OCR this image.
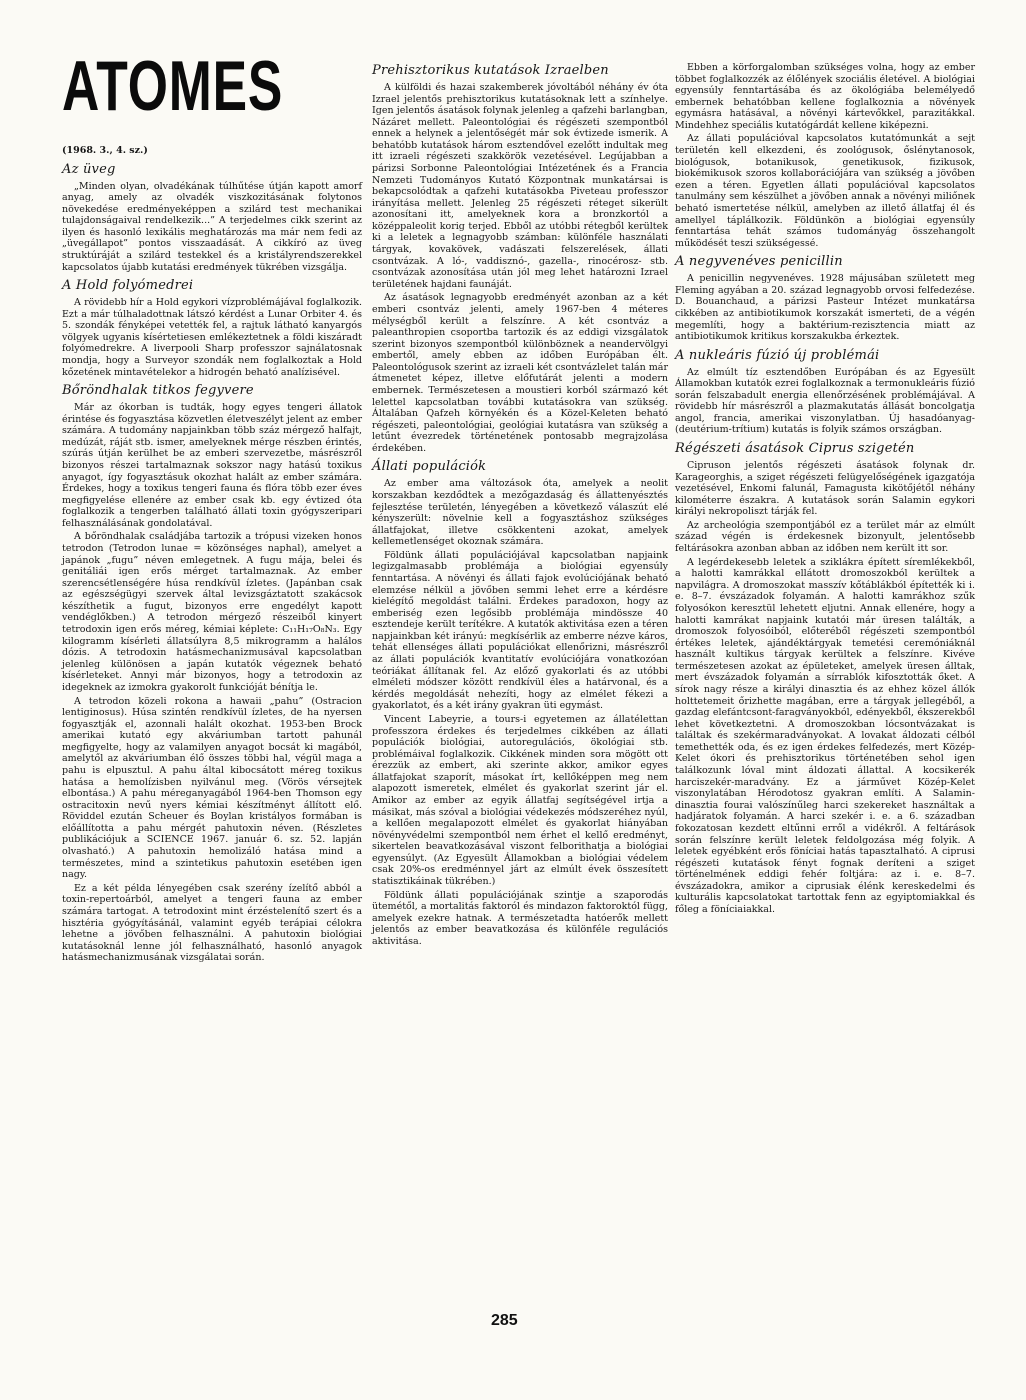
ATOMES
(1968. 3., 4. sz.)
Az üveg

„Minden olyan, olvadékának túlhűtése útján kapott amorf anyag, amely az olvadék viszkozitásának folytonos növekedése eredményeképpen a szilárd test mechanikai tulajdonságaival rendelkezik...” A terjedelmes cikk szerint az ilyen és hasonló lexikális meghatározás ma már nem fedi az „üvegállapot” pontos visszaadását. A cikkíró az üveg struktúráját a szilárd testekkel és a kristályrendszerekkel kapcsolatos újabb kutatási eredmények tükrében vizsgálja.

A Hold folyómedrei

A rövidebb hír a Hold egykori vízproblémájával foglalkozik. Ezt a már túlhaladottnak látszó kérdést a Lunar Orbiter 4. és 5. szondák fényképei vetették fel, a rajtuk látható kanyargós völgyek ugyanis kísértetiesen emlékeztetnek a földi kiszáradt folyómedrekre. A liverpooli Sharp professzor sajnálatosnak mondja, hogy a Surveyor szondák nem foglalkoztak a Hold kőzetének mintavételekor a hidrogén beható analízisével.

Bőröndhalak titkos fegyvere

Már az ókorban is tudták, hogy egyes tengeri állatok érintése és fogyasztása közvetlen életveszélyt jelent az ember számára. A tudomány napjainkban több száz mérgező halfajt, medúzát, ráját stb. ismer, amelyeknek mérge részben érintés, szúrás útján kerülhet be az emberi szervezetbe, másrészről bizonyos részei tartalmaznak sokszor nagy hatású toxikus anyagot, így fogyasztásuk okozhat halált az ember számára. Érdekes, hogy a toxikus tengeri fauna és flóra több ezer éves megfigyelése ellenére az ember csak kb. egy évtized óta foglalkozik a tengerben található állati toxin gyógyszeripari felhasználásának gondolatával.

A bőröndhalak családjába tartozik a trópusi vizeken honos tetrodon (Tetrodon lunae = közönséges naphal), amelyet a japánok „fugu” néven emlegetnek. A fugu mája, belei és genitáliái igen erős mérget tartalmaznak. Az ember szerencsétlenségére húsa rendkívül ízletes. (Japánban csak az egészségügyi szervek által levizsgáztatott szakácsok készíthetik a fugut, bizonyos erre engedélyt kapott vendéglőkben.) A tetrodon mérgező részeiből kinyert tetrodoxin igen erős méreg, kémiai képlete: C₁₁H₁₇O₈N₃. Egy kilogramm kísérleti állatsúlyra 8,5 mikrogramm a halálos dózis. A tetrodoxin hatásmechanizmusával kapcsolatban jelenleg különösen a japán kutatók végeznek beható kísérleteket. Annyi már bizonyos, hogy a tetrodoxin az idegeknek az izmokra gyakorolt funkcióját bénítja le.

A tetrodon közeli rokona a hawaii „pahu” (Ostracion lentiginosus). Húsa szintén rendkívül ízletes, de ha nyersen fogyasztják el, azonnali halált okozhat. 1953-ben Brock amerikai kutató egy akváriumban tartott pahunál megfigyelte, hogy az valamilyen anyagot bocsát ki magából, amelytől az akváriumban élő összes többi hal, végül maga a pahu is elpusztul. A pahu által kibocsátott méreg toxikus hatása a hemolízisben nyilvánul meg. (Vörös vérsejtek elbontása.) A pahu méreganyagából 1964-ben Thomson egy ostracitoxin nevű nyers kémiai készítményt állított elő. Röviddel ezután Scheuer és Boylan kristályos formában is előállította a pahu mérgét pahutoxin néven. (Részletes publikációjuk a SCIENCE 1967. január 6. sz. 52. lapján olvasható.) A pahutoxin hemolizáló hatása mind a természetes, mind a szintetikus pahutoxin esetében igen nagy.

Ez a két példa lényegében csak szerény ízelítő abból a toxin-repertoárból, amelyet a tengeri fauna az ember számára tartogat. A tetrodoxint mint érzéstelenítő szert és a hisztéria gyógyításánál, valamint egyéb terápiai célokra lehetne a jövőben felhasználni. A pahutoxin biológiai kutatásoknál lenne jól felhasználható, hasonló anyagok hatásmechanizmusának vizsgálatai során.

Prehisztorikus kutatások Izraelben

A külföldi és hazai szakemberek jóvoltából néhány év óta Izrael jelentős prehisztorikus kutatásoknak lett a színhelye. Igen jelentős ásatások folynak jelenleg a qafzehi barlangban, Názáret mellett. Paleontológiai és régészeti szempontból ennek a helynek a jelentőségét már sok évtizede ismerik. A behatóbb kutatások három esztendővel ezelőtt indultak meg itt izraeli régészeti szakkörök vezetésével. Legújabban a párizsi Sorbonne Paleontológiai Intézetének és a Francia Nemzeti Tudományos Kutató Központnak munkatársai is bekapcsolódtak a qafzehi kutatásokba Piveteau professzor irányítása mellett. Jelenleg 25 régészeti réteget sikerült azonosítani itt, amelyeknek kora a bronzkortól a középpaleolit korig terjed. Ebből az utóbbi rétegből kerültek ki a leletek a legnagyobb számban: különféle használati tárgyak, kovakövek, vadászati felszerelések, állati csontvázak. A ló-, vaddisznó-, gazella-, rinocérosz- stb. csontvázak azonosítása után jól meg lehet határozni Izrael területének hajdani faunáját.

Az ásatások legnagyobb eredményét azonban az a két emberi csontváz jelenti, amely 1967-ben 4 méteres mélységből került a felszínre. A két csontváz a paleanthropien csoportba tartozik és az eddigi vizsgálatok szerint bizonyos szempontból különböznek a neandervölgyi embertől, amely ebben az időben Európában élt. Paleontológusok szerint az izraeli két csontvázlelet talán már átmenetet képez, illetve előfutárát jelenti a modern embernek. Természetesen a moustieri korból származó két lelettel kapcsolatban további kutatásokra van szükség. Általában Qafzeh környékén és a Közel-Keleten beható régészeti, paleontológiai, geológiai kutatásra van szükség a letűnt évezredek történetének pontosabb megrajzolása érdekében.

Állati populációk

Az ember ama változások óta, amelyek a neolit korszakban kezdődtek a mezőgazdaság és állattenyésztés fejlesztése területén, lényegében a következő válaszút elé kényszerült: növelnie kell a fogyasztáshoz szükséges állatfajokat, illetve csökkenteni azokat, amelyek kellemetlenséget okoznak számára.

Földünk állati populációjával kapcsolatban napjaink legizgalmasabb problémája a biológiai egyensúly fenntartása. A növényi és állati fajok evolúciójának beható elemzése nélkül a jövőben semmi lehet erre a kérdésre kielégítő megoldást találni. Érdekes paradoxon, hogy az emberiség ezen legősibb problémája mindössze 40 esztendeje került terítékre. A kutatók aktivitása ezen a téren napjainkban két irányú: megkísérlik az emberre nézve káros, tehát ellenséges állati populációkat ellenőrizni, másrészről az állati populációk kvantitatív evolúciójára vonatkozóan teóriákat állítanak fel. Az előző gyakorlati és az utóbbi elméleti módszer között rendkívül éles a határvonal, és a kérdés megoldását nehezíti, hogy az elmélet fékezi a gyakorlatot, és a két irány gyakran üti egymást.

Vincent Labeyrie, a tours-i egyetemen az állatélettan professzora érdekes és terjedelmes cikkében az állati populációk biológiai, autoregulációs, ökológiai stb. problémáival foglalkozik. Cikkének minden sora mögött ott érezzük az embert, aki szerinte akkor, amikor egyes állatfajokat szaporít, másokat írt, kellőképpen meg nem alapozott ismeretek, elmélet és gyakorlat szerint jár el. Amikor az ember az egyik állatfaj segítségével irtja a másikat, más szóval a biológiai védekezés módszeréhez nyúl, a kellően megalapozott elmélet és gyakorlat hiányában növényvédelmi szempontból nem érhet el kellő eredményt, sikertelen beavatkozásával viszont felborithatja a biológiai egyensúlyt. (Az Egyesült Államokban a biológiai védelem csak 20%-os eredménnyel járt az elmúlt évek összesített statisztikáinak tükrében.)

Földünk állati populációjának szintje a szaporodás ütemétől, a mortalitás faktoról és mindazon faktoroktól függ, amelyek ezekre hatnak. A természetadta hatóerők mellett jelentős az ember beavatkozása és különféle regulációs aktivitása.

Ebben a körforgalomban szükséges volna, hogy az ember többet foglalkozzék az élőlények szociális életével. A biológiai egyensúly fenntartásába és az ökológiába belemélyedő embernek behatóbban kellene foglalkoznia a növények egymásra hatásával, a növényi kártevőkkel, parazitákkal. Mindehhez speciális kutatógárdát kellene kiképezni.

Az állati populációval kapcsolatos kutatómunkát a sejt területén kell elkezdeni, és zoológusok, őslénytanosok, biológusok, botanikusok, genetikusok, fizikusok, biokémikusok szoros kollaborációjára van szükség a jövőben ezen a téren. Egyetlen állati populációval kapcsolatos tanulmány sem készülhet a jövőben annak a növényi miliőnek beható ismertetése nélkül, amelyben az illető állatfaj él és amellyel táplálkozik. Földünkön a biológiai egyensúly fenntartása tehát számos tudományág összehangolt működését teszi szükségessé.

A negyvenéves penicillin

A penicillin negyvenéves. 1928 májusában született meg Fleming agyában a 20. század legnagyobb orvosi felfedezése. D. Bouanchaud, a párizsi Pasteur Intézet munkatársa cikkében az antibiotikumok korszakát ismerteti, de a végén megemlíti, hogy a baktérium-rezisztencia miatt az antibiotikumok kritikus korszakukba érkeztek.

A nukleáris fúzió új problémái

Az elmúlt tíz esztendőben Európában és az Egyesült Államokban kutatók ezrei foglalkoznak a termonukleáris fúzió során felszabadult energia ellenőrzésének problémájával. A rövidebb hír másrészről a plazmakutatás állását boncolgatja angol, francia, amerikai viszonylatban. Új hasadóanyag-(deutérium-trítium) kutatás is folyik számos országban.

Régészeti ásatások Ciprus szigetén

Cipruson jelentős régészeti ásatások folynak dr. Karageorghis, a sziget régészeti felügyelőségének igazgatója vezetésével, Enkomi falunál, Famagusta kikötőjétől néhány kilométerre északra. A kutatások során Salamin egykori királyi nekropoliszt tárják fel.

Az archeológia szempontjából ez a terület már az elmúlt század végén is érdekesnek bizonyult, jelentősebb feltárásokra azonban abban az időben nem került itt sor.

A legérdekesebb leletek a sziklákra épített síremlékekből, a halotti kamrákkal ellátott dromoszokból kerültek a napvilágra. A dromoszokat masszív kőtáblákból építették ki i. e. 8–7. évszázadok folyamán. A halotti kamrákhoz szűk folyosókon keresztül lehetett eljutni. Annak ellenére, hogy a halotti kamrákat napjaink kutatói már üresen találták, a dromoszok folyosóiból, előteréből régészeti szempontból értékes leletek, ajándéktárgyak temetési ceremóniáknál használt kultikus tárgyak kerültek a felszínre. Kivéve természetesen azokat az épületeket, amelyek üresen álltak, mert évszázadok folyamán a sírrablók kifosztották őket. A sírok nagy része a királyi dinasztia és az ehhez közel állók holttetemeit őrizhette magában, erre a tárgyak jellegéből, a gazdag elefántcsont-faragványokból, edényekből, ékszerekből lehet következtetni. A dromoszokban lócsontvázakat is találtak és szekérmaradványokat. A lovakat áldozati célból temethették oda, és ez igen érdekes felfedezés, mert Közép-Kelet ókori és prehisztorikus történetében sehol igen találkozunk lóval mint áldozati állattal. A kocsikerék harciszekér-maradvány. Ez a járművet Közép-Kelet viszonylatában Hérodotosz gyakran említi. A Salamin-dinasztia fourai valószínűleg harci szekereket használtak a hadjáratok folyamán. A harci szekér i. e. a 6. században fokozatosan kezdett eltűnni erről a vidékről. A feltárások során felszínre került leletek feldolgozása még folyik. A leletek egyébként erős föníciai hatás tapasztalható. A ciprusi régészeti kutatások fényt fognak deríteni a sziget történelmének eddigi fehér foltjára: az i. e. 8–7. évszázadokra, amikor a ciprusiak élénk kereskedelmi és kulturális kapcsolatokat tartottak fenn az egyiptomiakkal és főleg a föníciaiakkal.

285
